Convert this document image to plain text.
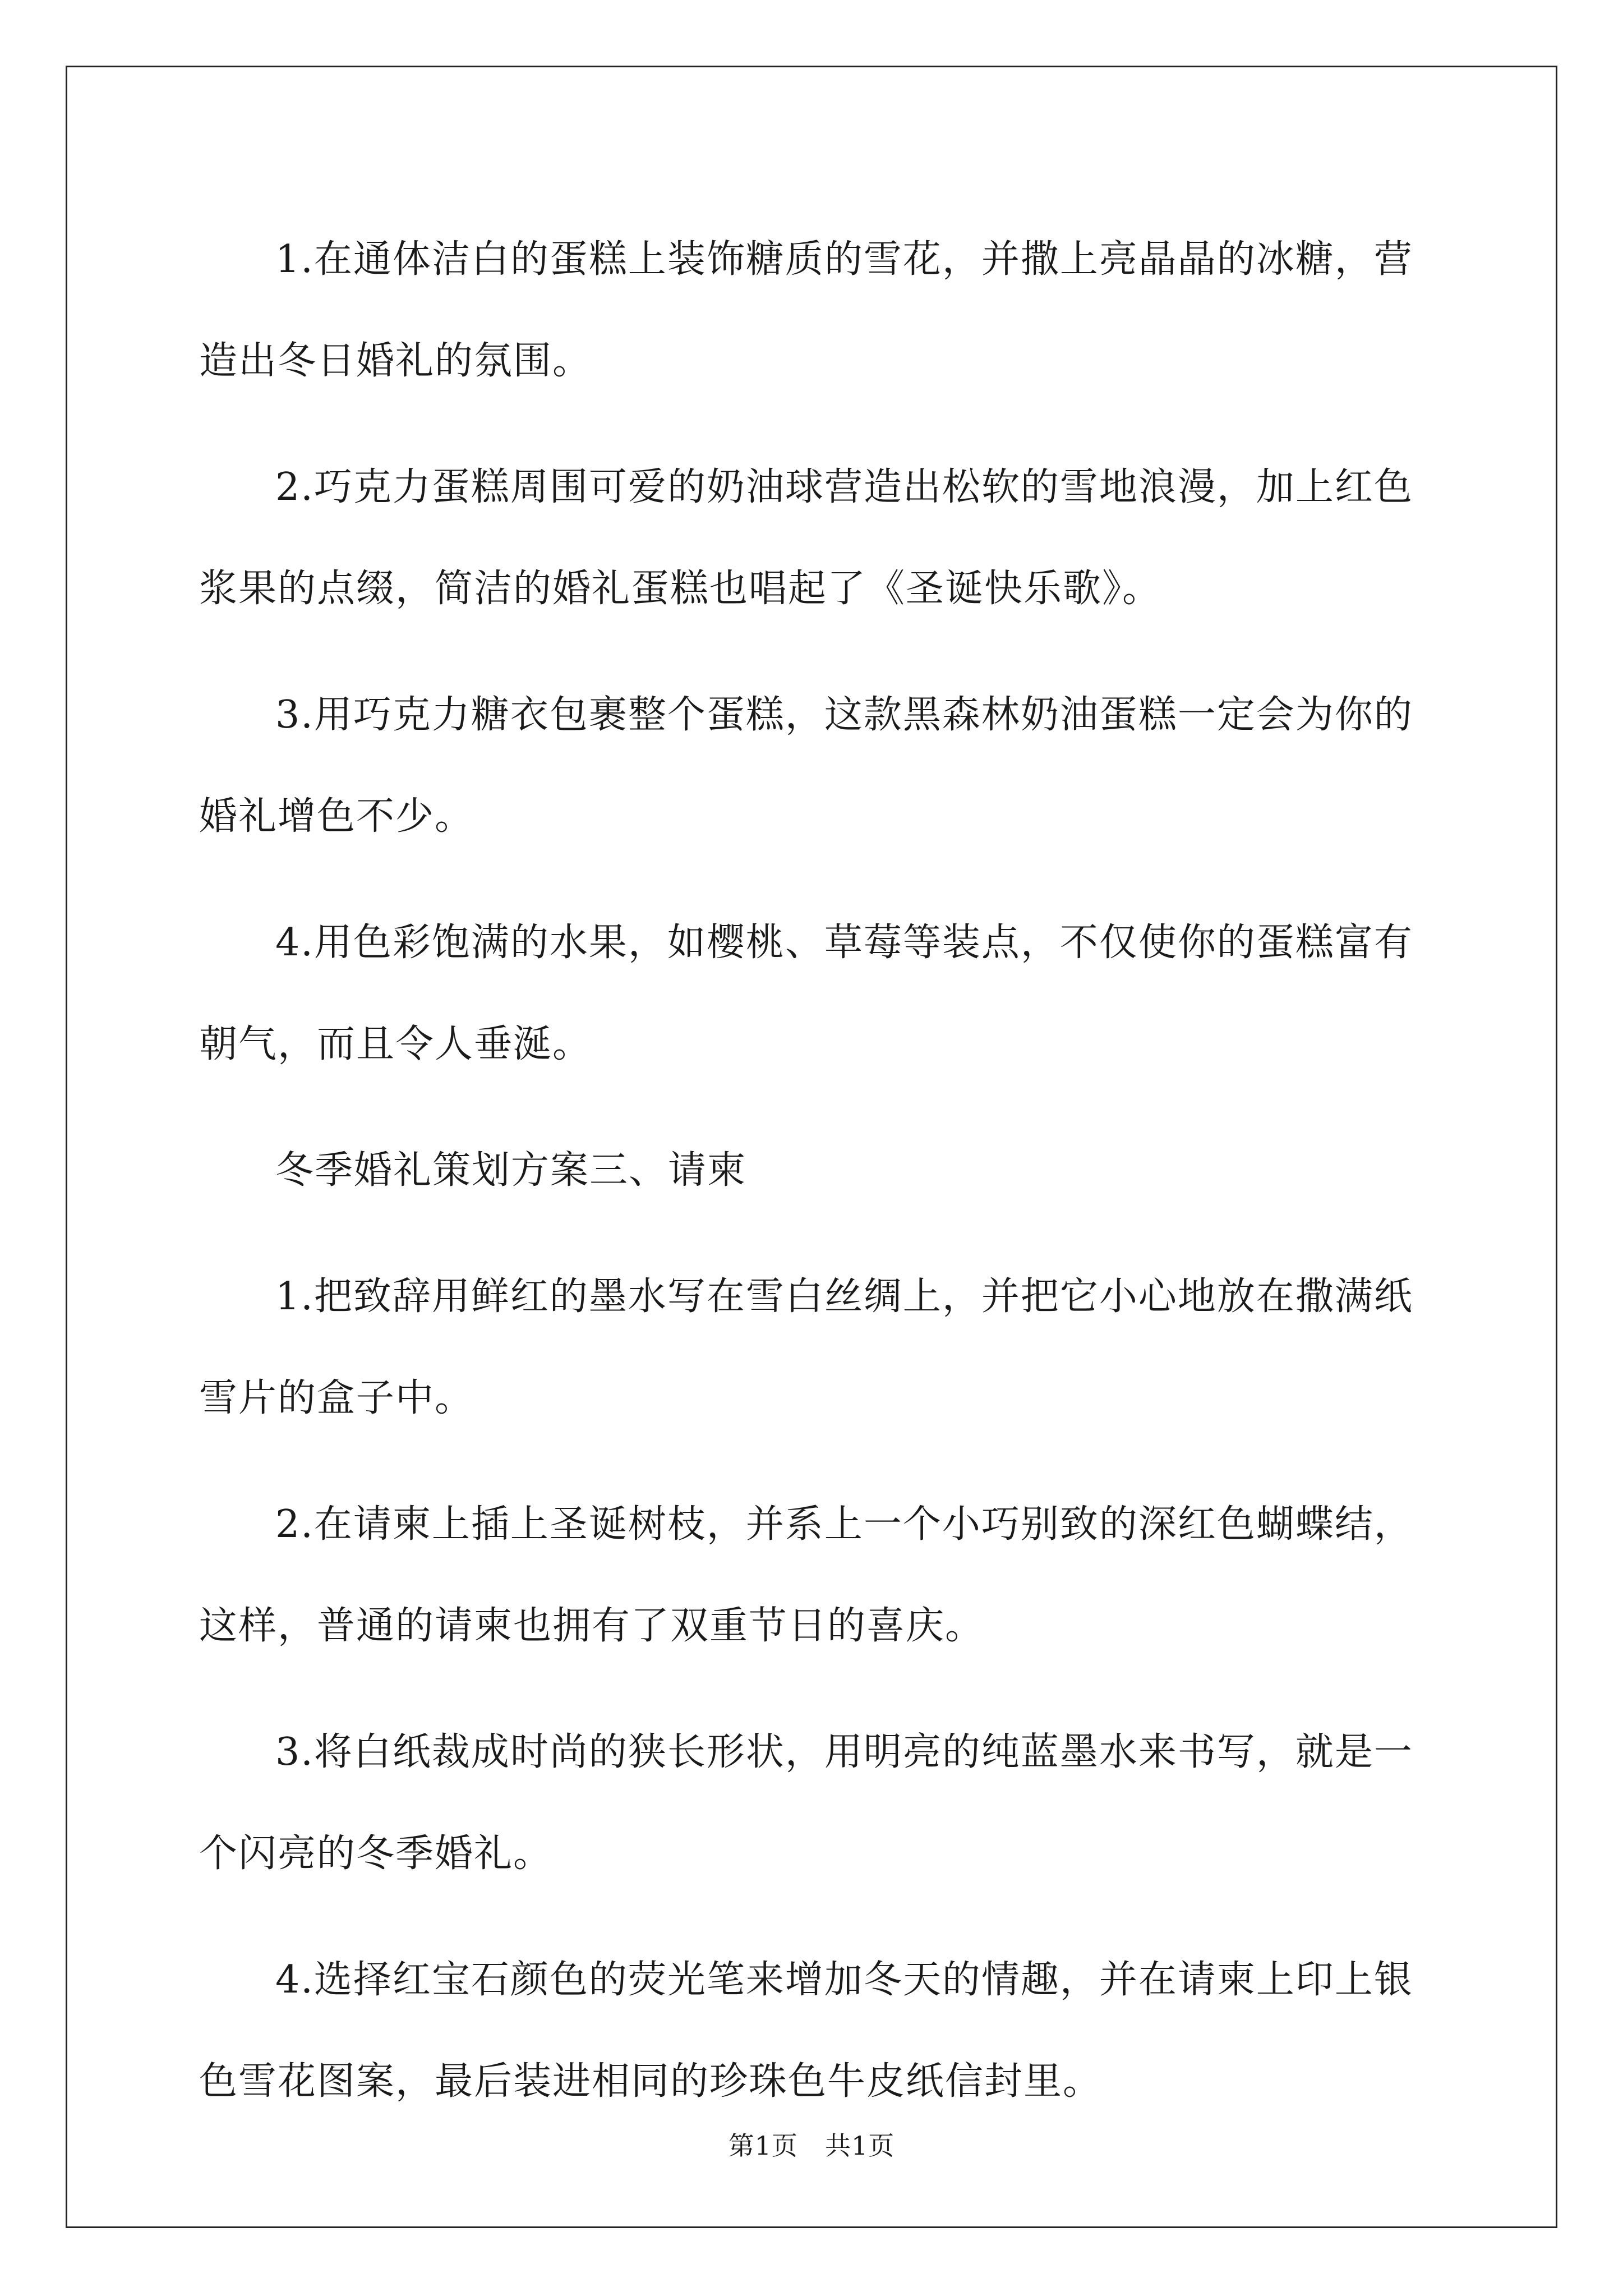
1.在通体洁白的蛋糕上装饰糖质的雪花，并撒上亮晶晶的冰糖，营造出冬日婚礼的氛围。

2.巧克力蛋糕周围可爱的奶油球营造出松软的雪地浪漫，加上红色浆果的点缀，简洁的婚礼蛋糕也唱起了《圣诞快乐歌》。

3.用巧克力糖衣包裹整个蛋糕，这款黑森林奶油蛋糕一定会为你的婚礼增色不少。

4.用色彩饱满的水果，如樱桃、草莓等装点，不仅使你的蛋糕富有朝气，而且令人垂涎。

冬季婚礼策划方案三、请柬

1.把致辞用鲜红的墨水写在雪白丝绸上，并把它小心地放在撒满纸雪片的盒子中。

2.在请柬上插上圣诞树枝，并系上一个小巧别致的深红色蝴蝶结，这样，普通的请柬也拥有了双重节日的喜庆。

3.将白纸裁成时尚的狭长形状，用明亮的纯蓝墨水来书写，就是一个闪亮的冬季婚礼。

4.选择红宝石颜色的荧光笔来增加冬天的情趣，并在请柬上印上银色雪花图案，最后装进相同的珍珠色牛皮纸信封里。

第1页 共1页
